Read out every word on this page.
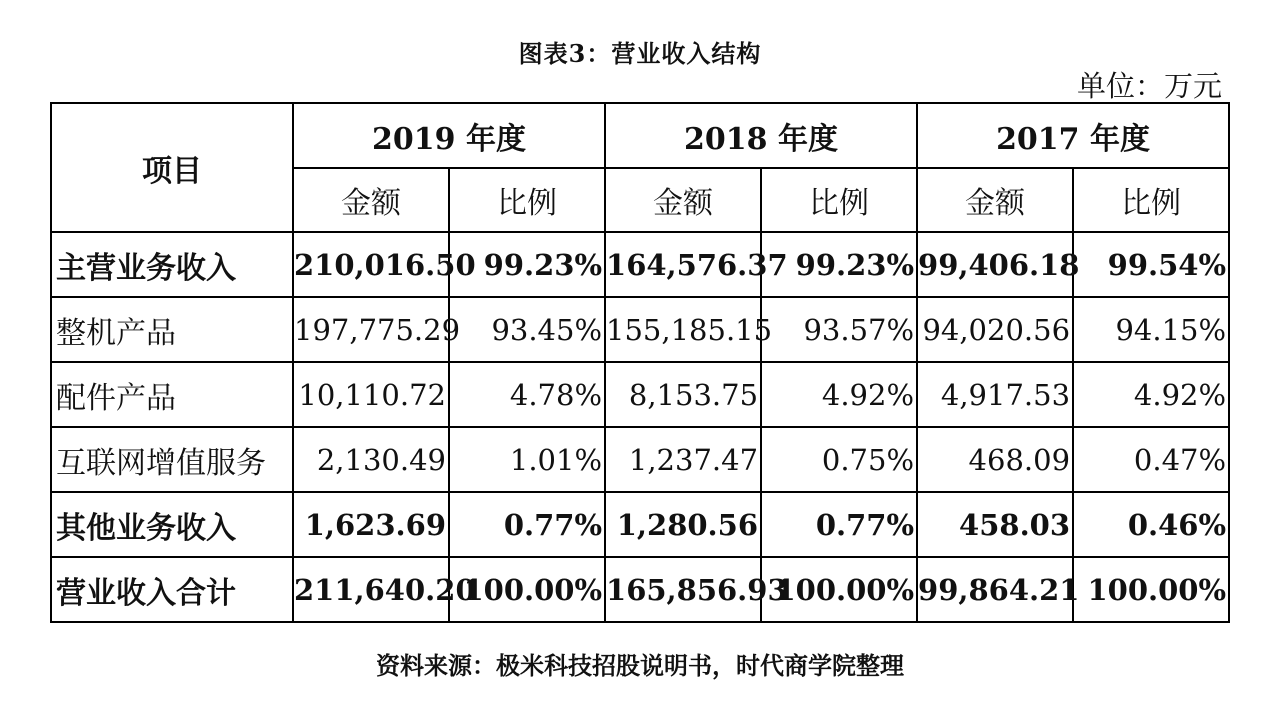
图表3：营业收入结构
单位：万元
项目	2019 年度		2018 年度		2017 年度	
	金额	比例	金额	比例	金额	比例
主营业务收入	210,016.50	99.23%	164,576.37	99.23%	99,406.18	99.54%
整机产品	197,775.29	93.45%	155,185.15	93.57%	94,020.56	94.15%
配件产品	10,110.72	4.78%	8,153.75	4.92%	4,917.53	4.92%
互联网增值服务	2,130.49	1.01%	1,237.47	0.75%	468.09	0.47%
其他业务收入	1,623.69	0.77%	1,280.56	0.77%	458.03	0.46%
营业收入合计	211,640.20	100.00%	165,856.93	100.00%	99,864.21	100.00%
资料来源：极米科技招股说明书，时代商学院整理
